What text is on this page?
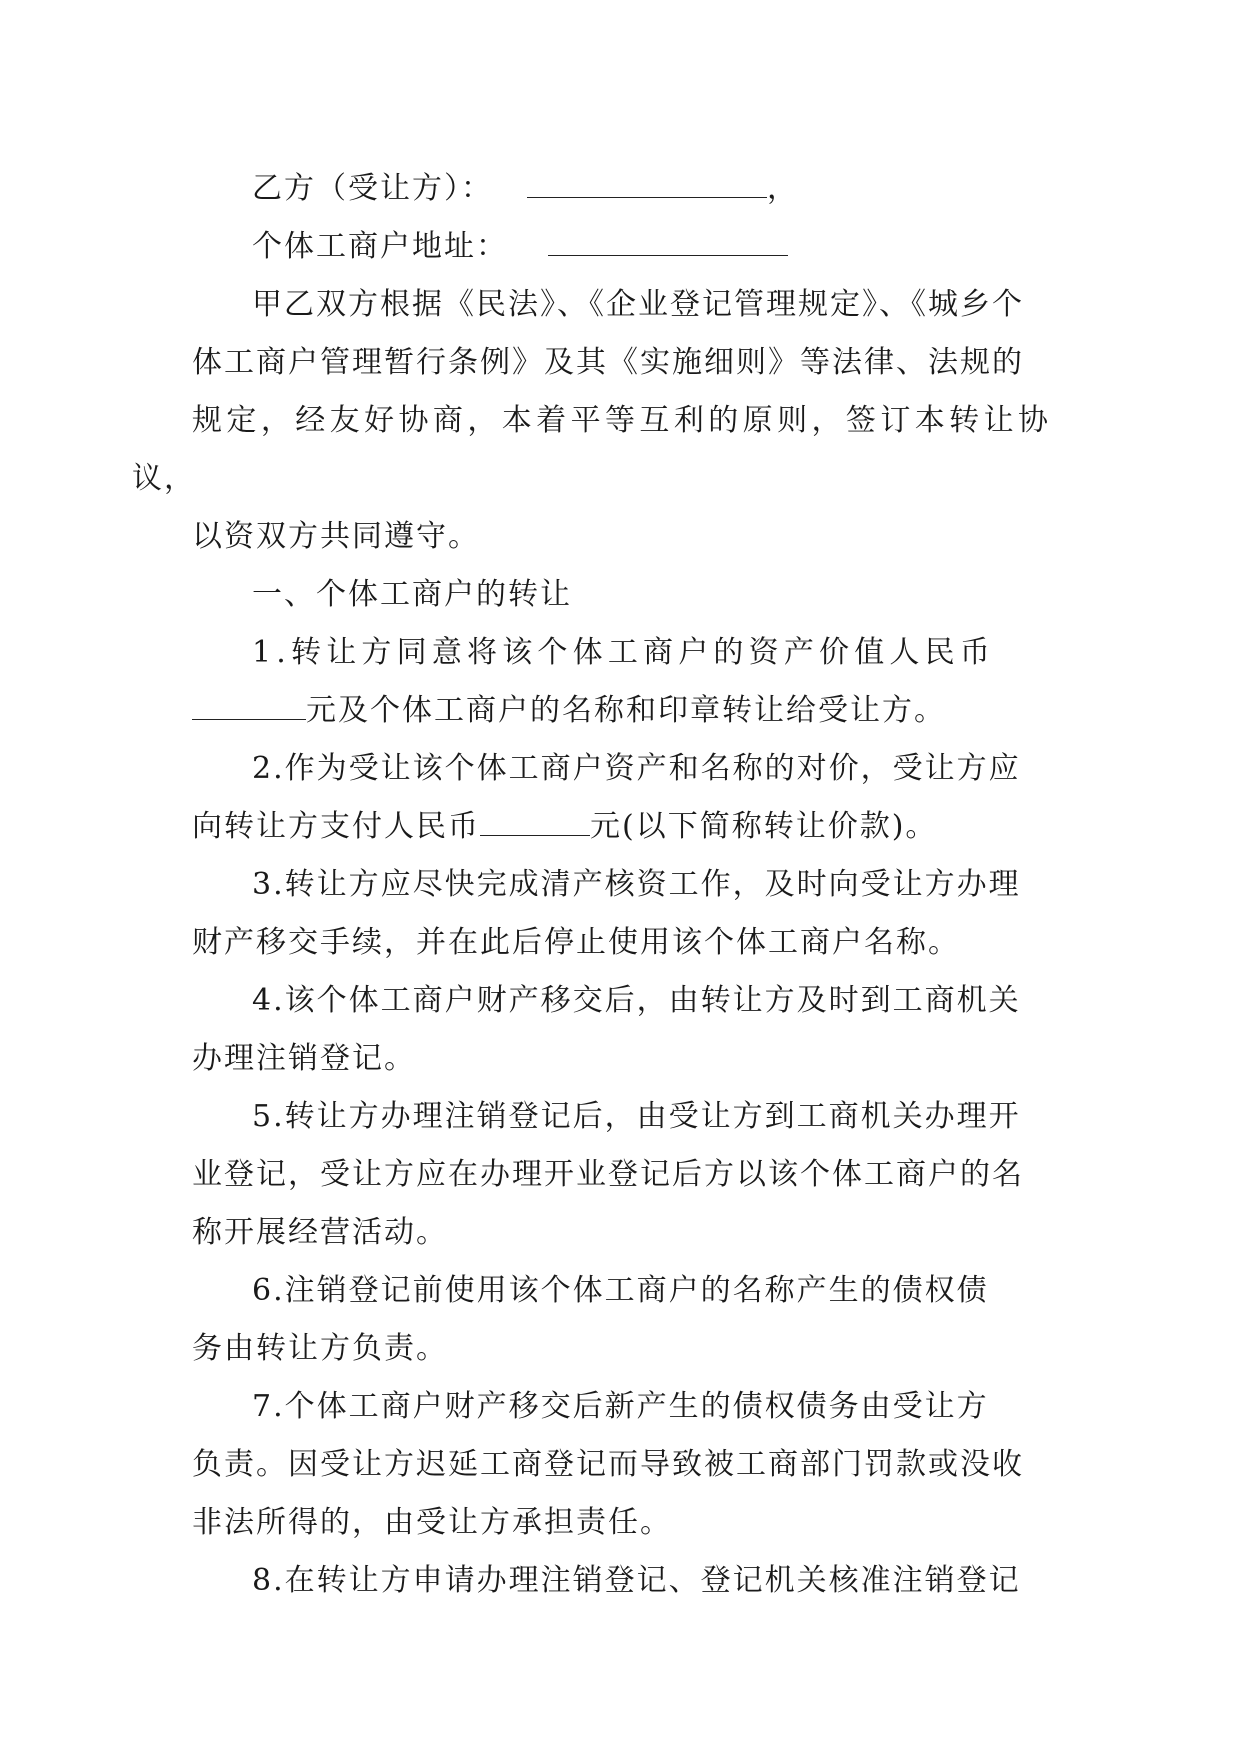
乙方（受让方）：	，

个体工商户地址：

甲乙双方根据《民法》、《企业登记管理规定》、《城乡个
体工商户管理暂行条例》及其《实施细则》等法律、法规的
规定，经友好协商，本着平等互利的原则，签订本转让协议，
以资双方共同遵守。

一、个体工商户的转让

1.转让方同意将该个体工商户的资产价值人民币
元及个体工商户的名称和印章转让给受让方。

2.作为受让该个体工商户资产和名称的对价，受让方应
向转让方支付人民币	元(以下简称转让价款)。

3.转让方应尽快完成清产核资工作，及时向受让方办理
财产移交手续，并在此后停止使用该个体工商户名称。

4.该个体工商户财产移交后，由转让方及时到工商机关
办理注销登记。

5.转让方办理注销登记后，由受让方到工商机关办理开
业登记，受让方应在办理开业登记后方以该个体工商户的名
称开展经营活动。

6.注销登记前使用该个体工商户的名称产生的债权债
务由转让方负责。

7.个体工商户财产移交后新产生的债权债务由受让方
负责。因受让方迟延工商登记而导致被工商部门罚款或没收
非法所得的，由受让方承担责任。

8.在转让方申请办理注销登记、登记机关核准注销登记
